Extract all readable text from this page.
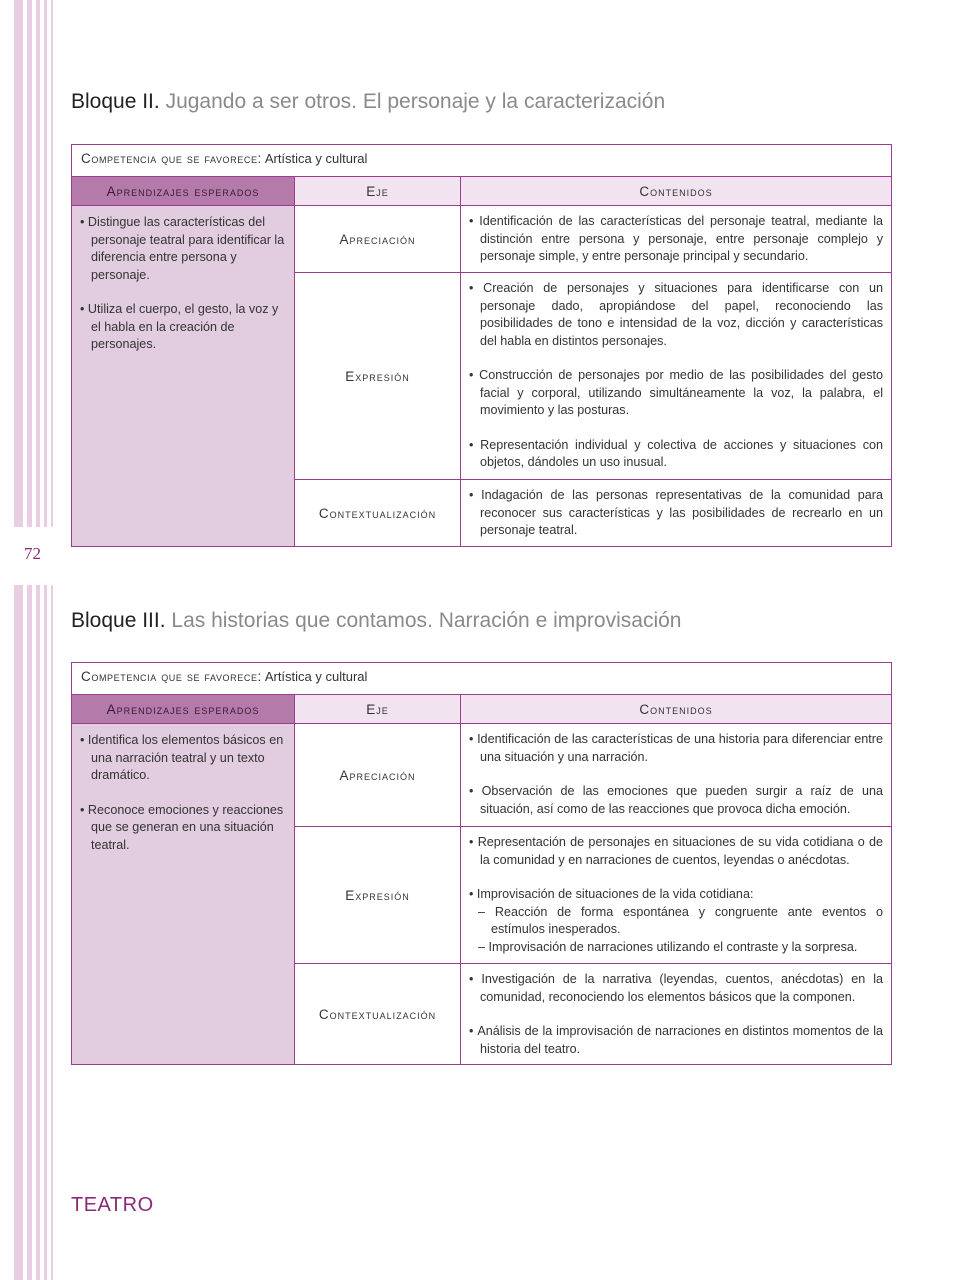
72
Bloque II. Jugando a ser otros. El personaje y la caracterización
Competencia que se favorece: Artística y cultural		
Aprendizajes esperados	Eje	Contenidos

• Distingue las características del personaje teatral para identificar la diferencia entre persona y personaje.
• Utiliza el cuerpo, el gesto, la voz y el habla en la creación de personajes.	Apreciación	• Identificación de las características del personaje teatral, mediante la distinción entre persona y personaje, entre personaje complejo y personaje simple, y entre personaje principal y secundario.

	Expresión	• Creación de personajes y situaciones para identificarse con un personaje dado, apropiándose del papel, reconociendo las posibilidades de tono e intensidad de la voz, dicción y características del habla en distintos personajes.
• Construcción de personajes por medio de las posibilidades del gesto facial y corporal, utilizando simultáneamente la voz, la palabra, el movimiento y las posturas.
• Representación individual y colectiva de acciones y situaciones con objetos, dándoles un uso inusual.

	Contextualización	• Indagación de las personas representativas de la comunidad para reconocer sus características y las posibilidades de recrearlo en un personaje teatral.
Bloque III. Las historias que contamos. Narración e improvisación
Competencia que se favorece: Artística y cultural		
Aprendizajes esperados	Eje	Contenidos

• Identifica los elementos básicos en una narración teatral y un texto dramático.
• Reconoce emociones y reacciones que se generan en una situación teatral.	Apreciación	• Identificación de las características de una historia para diferenciar entre una situación y una narración.
• Observación de las emociones que pueden surgir a raíz de una situación, así como de las reacciones que provoca dicha emoción.

	Expresión	• Representación de personajes en situaciones de su vida cotidiana o de la comunidad y en narraciones de cuentos, leyendas o anécdotas.
• Improvisación de situaciones de la vida cotidiana:
– Reacción de forma espontánea y congruente ante eventos o estímulos inesperados.
– Improvisación de narraciones utilizando el contraste y la sorpresa.

	Contextualización	• Investigación de la narrativa (leyendas, cuentos, anécdotas) en la comunidad, reconociendo los elementos básicos que la componen.
• Análisis de la improvisación de narraciones en distintos momentos de la historia del teatro.
TEATRO
